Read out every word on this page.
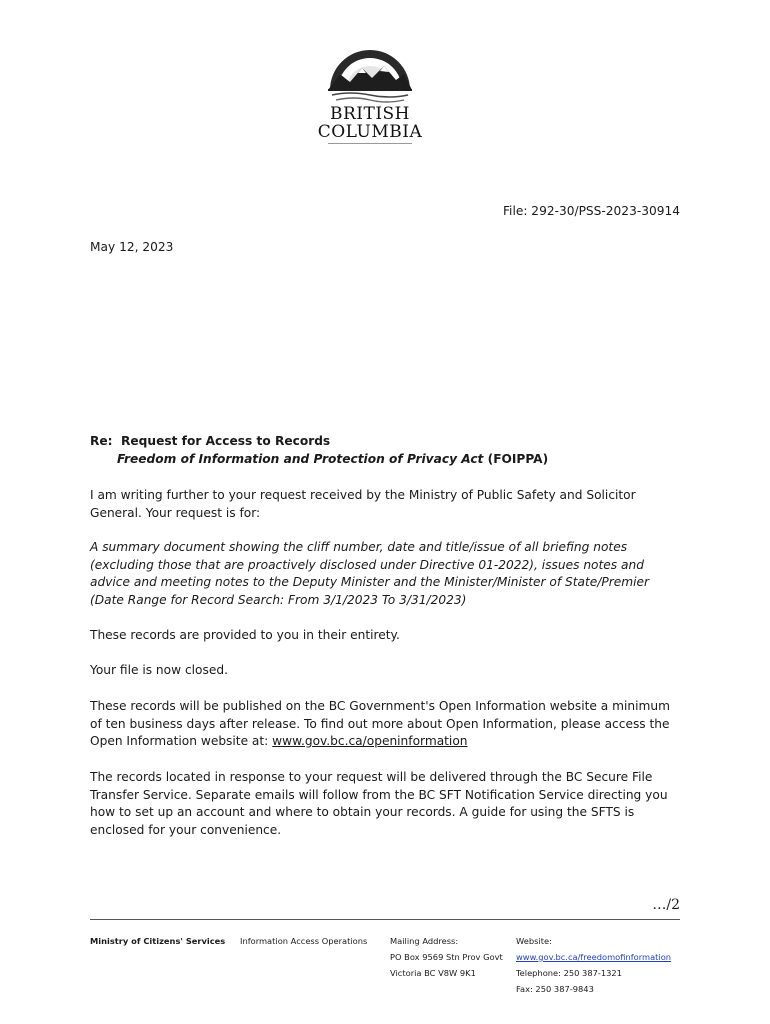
BRITISH
COLUMBIA
File: 292-30/PSS-2023-30914
May 12, 2023
Re: Request for Access to Records
Freedom of Information and Protection of Privacy Act (FOIPPA)
I am writing further to your request received by the Ministry of Public Safety and Solicitor General. Your request is for:
A summary document showing the cliff number, date and title/issue of all briefing notes (excluding those that are proactively disclosed under Directive 01-2022), issues notes and advice and meeting notes to the Deputy Minister and the Minister/Minister of State/Premier (Date Range for Record Search: From 3/1/2023 To 3/31/2023)
These records are provided to you in their entirety.
Your file is now closed.
These records will be published on the BC Government's Open Information website a minimum of ten business days after release. To find out more about Open Information, please access the Open Information website at: www.gov.bc.ca/openinformation
The records located in response to your request will be delivered through the BC Secure File Transfer Service. Separate emails will follow from the BC SFT Notification Service directing you how to set up an account and where to obtain your records. A guide for using the SFTS is enclosed for your convenience.
…/2
Ministry of Citizens' Services Information Access Operations	Mailing Address:
PO Box 9569 Stn Prov Govt
Victoria BC V8W 9K1
Website:
www.gov.bc.ca/freedomofinformation
Telephone: 250 387-1321
Fax: 250 387-9843
